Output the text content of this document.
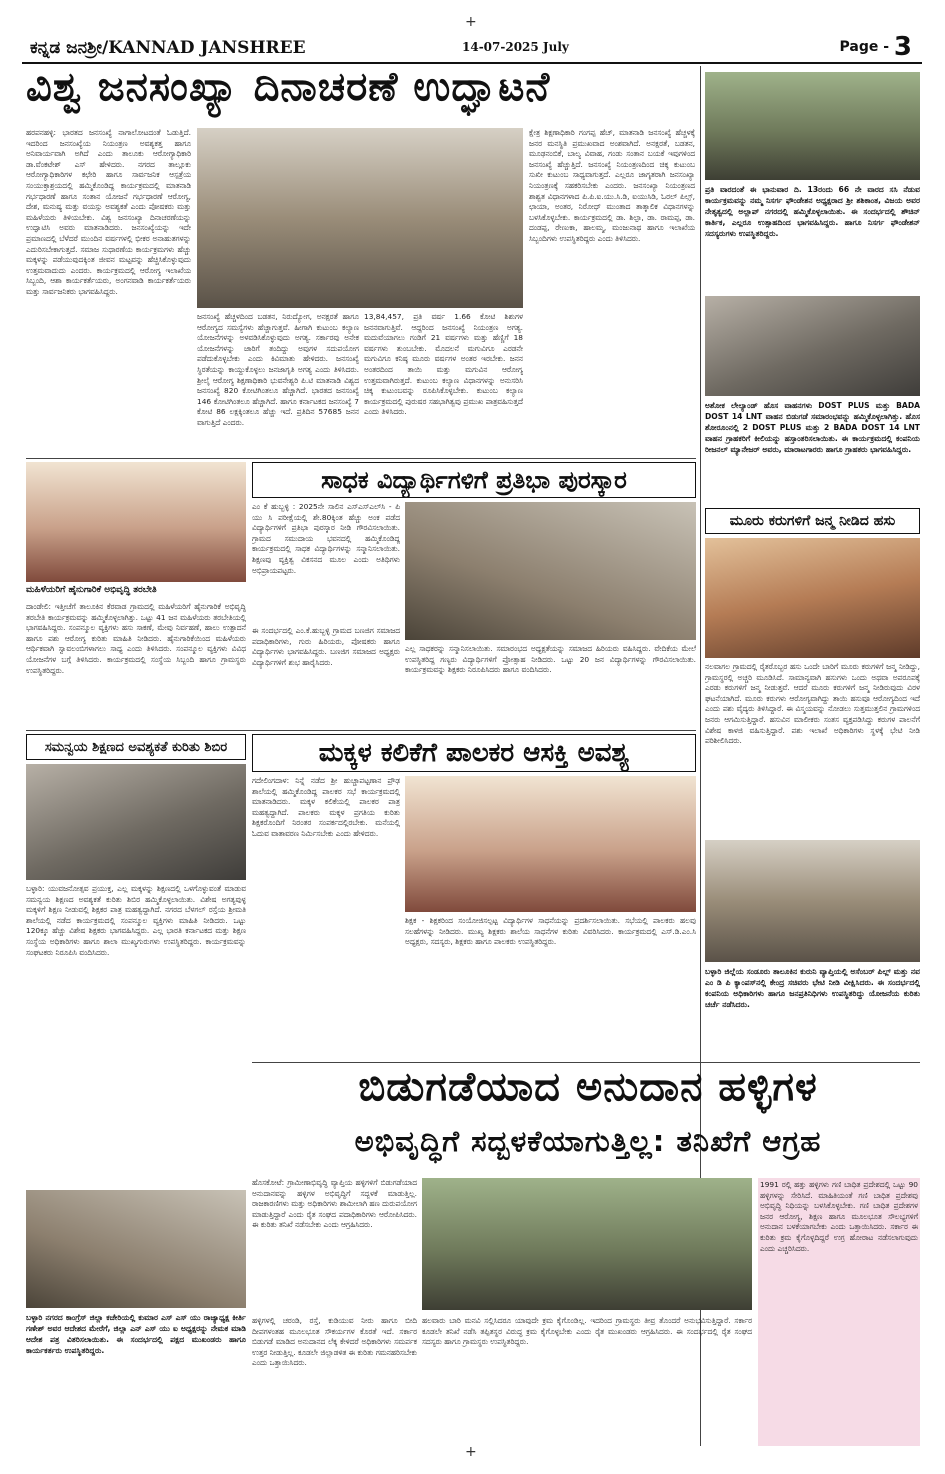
+
+
ಕನ್ನಡ ಜನಶ್ರೀ/KANNAD JANSHREE	14-07-2025 July	Page - 3
ವಿಶ್ವ ಜನಸಂಖ್ಯಾ ದಿನಾಚರಣೆ ಉದ್ಘಾಟನೆ
ಹರಪನಹಳ್ಳಿ: ಭಾರತದ ಜನಸಂಖ್ಯೆ ನಾಗಾಲೋಟದಂತೆ ಓಡುತ್ತಿದೆ. ಇದರಿಂದ ಜನಸಂಖ್ಯೆಯ ನಿಯಂತ್ರಣ ಅವಶ್ಯಕತ್ತ ಹಾಗೂ ಅನಿವಾರ್ಯವಾಗಿ ಅಗಿದೆ ಎಂದು ತಾಲೂಕು ಆರೋಗ್ಯಾಧಿಕಾರಿ ಡಾ.ವೆಂಕಟೇಶ್ ಎಸ್ ಹೇಳಿದರು. ನಗರದ ತಾಲ್ಲೂಕು ಆರೋಗ್ಯಾಧಿಕಾರಿಗಳ ಕಛೇರಿ ಹಾಗೂ ಸಾರ್ವಜನಿಕ ಆಸ್ಪತ್ರೆಯ ಸಂಯುಕ್ತಾಶ್ರಯದಲ್ಲಿ ಹಮ್ಮಿಕೊಂಡಿದ್ದ ಕಾರ್ಯಕ್ರಮದಲ್ಲಿ ಮಾತನಾಡಿ ಗರ್ಭಧಾರಣೆ ಹಾಗೂ ಸಂತಾನ ಯೋಜನೆ ಗರ್ಭಧಾರಣೆ ಆರೋಗ್ಯ, ದೇಶ, ಮನುಷ್ಯ ಮತ್ತು ವಯಸ್ಸು ಅವಶ್ಯಕತೆ ಎಂದು ಪೋಷಕರು ಮತ್ತು ಮಹಿಳೆಯರು ತಿಳಿಯಬೇಕು. ವಿಶ್ವ ಜನಸಂಖ್ಯಾ ದಿನಾಚರಣೆಯನ್ನು ಉದ್ಘಾಟಿಸಿ ಅವರು ಮಾತನಾಡಿದರು. ಜನಸಂಖ್ಯೆಯನ್ನು ಇದೇ ಪ್ರಮಾಣದಲ್ಲಿ ಬೆಳೆದರೆ ಮುಂದಿನ ವರ್ಷಗಳಲ್ಲಿ ಭೀಕರ ಅನಾಹುತಗಳನ್ನು ಎದುರಿಸಬೇಕಾಗುತ್ತದೆ. ಸಮಾಜ ಸುಧಾರಣೆಯ ಕಾರ್ಯಕ್ರಮಗಳು ಹೆಚ್ಚು ಮಕ್ಕಳನ್ನು ಪಡೆಯುವುದಕ್ಕಿಂತ ಜೀವನ ಮಟ್ಟವನ್ನು ಹೆಚ್ಚಿಸಿಕೊಳ್ಳುವುದು ಉತ್ತಮವಾದುದು ಎಂದರು. ಕಾರ್ಯಕ್ರಮದಲ್ಲಿ ಆರೋಗ್ಯ ಇಲಾಖೆಯ ಸಿಬ್ಬಂದಿ, ಆಶಾ ಕಾರ್ಯಕರ್ತೆಯರು, ಅಂಗನವಾಡಿ ಕಾರ್ಯಕರ್ತೆಯರು ಮತ್ತು ಸಾರ್ವಜನಿಕರು ಭಾಗವಹಿಸಿದ್ದರು.
ಜನಸಂಖ್ಯೆ ಹೆಚ್ಚಳದಿಂದ ಬಡತನ, ನಿರುದ್ಯೋಗ, ಅನಕ್ಷರತೆ ಹಾಗೂ ಆರೋಗ್ಯದ ಸಮಸ್ಯೆಗಳು ಹೆಚ್ಚಾಗುತ್ತವೆ. ಹೀಗಾಗಿ ಕುಟುಂಬ ಕಲ್ಯಾಣ ಯೋಜನೆಗಳನ್ನು ಅಳವಡಿಸಿಕೊಳ್ಳುವುದು ಅಗತ್ಯ. ಸರ್ಕಾರವು ಅನೇಕ ಯೋಜನೆಗಳನ್ನು ಜಾರಿಗೆ ತಂದಿದ್ದು ಅವುಗಳ ಸದುಪಯೋಗ ಪಡೆದುಕೊಳ್ಳಬೇಕು ಎಂದು ಕಿವಿಮಾತು ಹೇಳಿದರು. ಜನಸಂಖ್ಯೆ ಸ್ಥಿರತೆಯನ್ನು ಕಾಯ್ದುಕೊಳ್ಳಲು ಜನಜಾಗೃತಿ ಅಗತ್ಯ ಎಂದು ತಿಳಿಸಿದರು. ಶ್ರೀಲೈ ಆರೋಗ್ಯ ಶಿಕ್ಷಣಾಧಿಕಾರಿ ಭುವನೇಶ್ವರಿ ಪಿ.ಟಿ ಮಾತನಾಡಿ ವಿಶ್ವದ ಜನಸಂಖ್ಯೆ 820 ಕೋಟಿಗಿಂತಲೂ ಹೆಚ್ಚಾಗಿದೆ. ಭಾರತದ ಜನಸಂಖ್ಯೆ 146 ಕೋಟಿಗಿಂತಲೂ ಹೆಚ್ಚಾಗಿದೆ. ಹಾಗೂ ಕರ್ನಾಟಕದ ಜನಸಂಖ್ಯೆ 7 ಕೋಟಿ 86 ಲಕ್ಷಕ್ಕಿಂತಲೂ ಹೆಚ್ಚು ಇದೆ. ಪ್ರತಿದಿನ 57685 ಜನನ ವಾಗುತ್ತಿದೆ ಎಂದರು.
13,84,457, ಪ್ರತಿ ವರ್ಷ 1.66 ಕೋಟಿ ಶಿಶುಗಳ ಜನನವಾಗುತ್ತಿವೆ. ಆದ್ದರಿಂದ ಜನಸಂಖ್ಯೆ ನಿಯಂತ್ರಣ ಅಗತ್ಯ. ಮದುವೆಯಾಗಲು ಗಂಡಿಗೆ 21 ವರ್ಷಗಳು ಮತ್ತು ಹೆಣ್ಣಿಗೆ 18 ವರ್ಷಗಳು ತುಂಬಬೇಕು. ಮೊದಲನೆ ಮಗುವಿಗೂ ಎರಡನೇ ಮಗುವಿಗೂ ಕನಿಷ್ಠ ಮೂರು ವರ್ಷಗಳ ಅಂತರ ಇರಬೇಕು. ಜನನ ಅಂತರದಿಂದ ತಾಯಿ ಮತ್ತು ಮಗುವಿನ ಆರೋಗ್ಯ ಉತ್ತಮವಾಗಿರುತ್ತದೆ. ಕುಟುಂಬ ಕಲ್ಯಾಣ ವಿಧಾನಗಳನ್ನು ಅನುಸರಿಸಿ ಚಿಕ್ಕ ಕುಟುಂಬವನ್ನು ರೂಪಿಸಿಕೊಳ್ಳಬೇಕು. ಕುಟುಂಬ ಕಲ್ಯಾಣ ಕಾರ್ಯಕ್ರಮದಲ್ಲಿ ಪುರುಷರ ಸಹಭಾಗಿತ್ವವು ಪ್ರಮುಖ ಪಾತ್ರವಹಿಸುತ್ತದೆ ಎಂದು ತಿಳಿಸಿದರು.
ಕ್ಷೇತ್ರ ಶಿಕ್ಷಣಾಧಿಕಾರಿ ಗಂಗಪ್ಪ ಹೆಚ್, ಮಾತನಾಡಿ ಜನಸಂಖ್ಯೆ ಹೆಚ್ಚಳಕ್ಕೆ ಜನರ ಮನಸ್ಥಿತಿ ಪ್ರಮುಖವಾದ ಅಂಶವಾಗಿದೆ. ಅನಕ್ಷರತೆ, ಬಡತನ, ಮೂಢನಂಬಿಕೆ, ಬಾಲ್ಯ ವಿವಾಹ, ಗಂಡು ಸಂತಾನ ಬಯಕೆ ಇವುಗಳಿಂದ ಜನಸಂಖ್ಯೆ ಹೆಚ್ಚುತ್ತಿದೆ. ಜನಸಂಖ್ಯೆ ನಿಯಂತ್ರಣದಿಂದ ಚಿಕ್ಕ ಕುಟುಂಬ ಸುಖೀ ಕುಟುಂಬ ಸಾಧ್ಯವಾಗುತ್ತದೆ. ಎಲ್ಲರೂ ಜಾಗೃತರಾಗಿ ಜನಸಂಖ್ಯಾ ನಿಯಂತ್ರಣಕ್ಕೆ ಸಹಕರಿಸಬೇಕು ಎಂದರು. ಜನಸಂಖ್ಯಾ ನಿಯಂತ್ರಣದ ಶಾಶ್ವತ ವಿಧಾನಗಳಾದ ಪಿ.ಪಿ.ಐ.ಯು.ಸಿ.ಡಿ, ಐಯುಸಿಡಿ, ಓರಲ್ ಪಿಲ್ಸ್, ಛಾಯಾ, ಅಂತರ, ನಿರೋಧ್ ಮುಂತಾದ ತಾತ್ಕಾಲಿಕ ವಿಧಾನಗಳನ್ನು ಬಳಸಿಕೊಳ್ಳಬೇಕು. ಕಾರ್ಯಕ್ರಮದಲ್ಲಿ ಡಾ. ಶಿಲ್ಪಾ, ಡಾ. ರಾಮಪ್ಪ, ಡಾ. ದಂಡಪ್ಪ, ರೇಣುಕಾ, ಹಾಲಮ್ಮ, ಮಂಜುನಾಥ ಹಾಗೂ ಇಲಾಖೆಯ ಸಿಬ್ಬಂದಿಗಳು ಉಪಸ್ಥಿತರಿದ್ದರು ಎಂದು ತಿಳಿಸಿದರು.
ಪ್ರತಿ ವಾರದಂತೆ ಈ ಭಾನುವಾರ ದಿ. 13ರಂದು 66 ನೇ ವಾರದ ಸಸಿ ನೆಡುವ ಕಾರ್ಯಕ್ರಮವನ್ನು ನಮ್ಮ ನಿಸರ್ಗ ಫೌಂಡೇಶನ ಅಧ್ಯಕ್ಷರಾದ ಶ್ರೀ ಶಶಿಕಾಂತ, ವಿಜಯ ಅವರ ನೇತೃತ್ವದಲ್ಲಿ ಅಲ್ಲಾಪ್ ನಗರದಲ್ಲಿ ಹಮ್ಮಿಕೊಳ್ಳಲಾಯಿತು. ಈ ಸಂದರ್ಭದಲ್ಲಿ ಶೌಚಿನ್ ಕಾರ್ತಿಕ, ಎಲ್ಲರೂ ಉತ್ಸಾಹದಿಂದ ಭಾಗವಹಿಸಿದ್ದರು. ಹಾಗೂ ನಿಸರ್ಗ ಫೌಂಡೇಶನ್ ಸದಸ್ಯರುಗಳು ಉಪಸ್ಥಿತರಿದ್ದರು.
ಅಶೋಕ ಲೇಲ್ಯಾಂಡ್ ಹೊಸ ವಾಹನಗಳು DOST PLUS ಮತ್ತು BADA DOST 14 LNT ವಾಹನ ಬಿಡುಗಡೆ ಸಮಾರಂಭವನ್ನು ಹಮ್ಮಿಕೊಳ್ಳಲಾಗಿತ್ತು. ಹೊಸ ಶೋರೂಂನಲ್ಲಿ 2 DOST PLUS ಮತ್ತು 2 BADA DOST 14 LNT ವಾಹನ ಗ್ರಾಹಕರಿಗೆ ಕೀಲಿಯನ್ನು ಹಸ್ತಾಂತರಿಸಲಾಯಿತು. ಈ ಕಾರ್ಯಕ್ರಮದಲ್ಲಿ ಕಂಪನಿಯ ರೀಜನಲ್ ಮ್ಯಾನೇಜರ್ ಅವರು, ಮಾರಾಟಗಾರರು ಹಾಗೂ ಗ್ರಾಹಕರು ಭಾಗವಹಿಸಿದ್ದರು.
ಮಹಿಳೆಯರಿಗೆ ಹೈನುಗಾರಿಕೆ ಅಭಿವೃದ್ಧಿ ತರಬೇತಿ
ದಾಂಡೇಲಿ: ಇತ್ತೀಚೆಗೆ ತಾಲೂಕಿನ ಕೆರವಾಡ ಗ್ರಾಮದಲ್ಲಿ ಮಹಿಳೆಯರಿಗೆ ಹೈನುಗಾರಿಕೆ ಅಭಿವೃದ್ಧಿ ತರಬೇತಿ ಕಾರ್ಯಕ್ರಮವನ್ನು ಹಮ್ಮಿಕೊಳ್ಳಲಾಗಿತ್ತು. ಒಟ್ಟು 41 ಜನ ಮಹಿಳೆಯರು ತರಬೇತಿಯಲ್ಲಿ ಭಾಗವಹಿಸಿದ್ದರು. ಸಂಪನ್ಮೂಲ ವ್ಯಕ್ತಿಗಳು ಹಸು ಸಾಕಣೆ, ಮೇವು ನಿರ್ವಹಣೆ, ಹಾಲು ಉತ್ಪಾದನೆ ಹಾಗೂ ಪಶು ಆರೋಗ್ಯ ಕುರಿತು ಮಾಹಿತಿ ನೀಡಿದರು. ಹೈನುಗಾರಿಕೆಯಿಂದ ಮಹಿಳೆಯರು ಆರ್ಥಿಕವಾಗಿ ಸ್ವಾವಲಂಬಿಗಳಾಗಲು ಸಾಧ್ಯ ಎಂದು ತಿಳಿಸಿದರು. ಸಂಪನ್ಮೂಲ ವ್ಯಕ್ತಿಗಳು ವಿವಿಧ ಯೋಜನೆಗಳ ಬಗ್ಗೆ ತಿಳಿಸಿದರು. ಕಾರ್ಯಕ್ರಮದಲ್ಲಿ ಸಂಸ್ಥೆಯ ಸಿಬ್ಬಂದಿ ಹಾಗೂ ಗ್ರಾಮಸ್ಥರು ಉಪಸ್ಥಿತರಿದ್ದರು.
ಸಾಧಕ ವಿದ್ಯಾರ್ಥಿಗಳಿಗೆ ಪ್ರತಿಭಾ ಪುರಸ್ಕಾರ
ಎಂ ಕೆ ಹುಬ್ಬಳ್ಳಿ : 2025ನೇ ಸಾಲಿನ ಎಸ್‌ಎಸ್‌ಎಲ್‌ಸಿ - ಪಿ ಯು ಸಿ ಪರೀಕ್ಷೆಯಲ್ಲಿ ಶೇ.80ಕ್ಕಿಂತ ಹೆಚ್ಚು ಅಂಕ ಪಡೆದ ವಿದ್ಯಾರ್ಥಿಗಳಿಗೆ ಪ್ರತಿಭಾ ಪುರಸ್ಕಾರ ನೀಡಿ ಗೌರವಿಸಲಾಯಿತು. ಗ್ರಾಮದ ಸಮುದಾಯ ಭವನದಲ್ಲಿ ಹಮ್ಮಿಕೊಂಡಿದ್ದ ಕಾರ್ಯಕ್ರಮದಲ್ಲಿ ಸಾಧಕ ವಿದ್ಯಾರ್ಥಿಗಳನ್ನು ಸನ್ಮಾನಿಸಲಾಯಿತು. ಶಿಕ್ಷಣವು ವ್ಯಕ್ತಿತ್ವ ವಿಕಸನದ ಮೂಲ ಎಂದು ಅತಿಥಿಗಳು ಅಭಿಪ್ರಾಯಪಟ್ಟರು.
ಈ ಸಂದರ್ಭದಲ್ಲಿ ಎಂ.ಕೆ.ಹುಬ್ಬಳ್ಳಿ ಗ್ರಾಮದ ಬಣಜಿಗ ಸಮಾಜದ ಪದಾಧಿಕಾರಿಗಳು, ಗುರು ಹಿರಿಯರು, ಪೋಷಕರು ಹಾಗೂ ವಿದ್ಯಾರ್ಥಿಗಳು ಭಾಗವಹಿಸಿದ್ದರು. ಬಣಜಿಗ ಸಮಾಜದ ಅಧ್ಯಕ್ಷರು ವಿದ್ಯಾರ್ಥಿಗಳಿಗೆ ಶುಭ ಹಾರೈಸಿದರು.
ಎಲ್ಲ ಸಾಧಕರನ್ನು ಸನ್ಮಾನಿಸಲಾಯಿತು. ಸಮಾರಂಭದ ಅಧ್ಯಕ್ಷತೆಯನ್ನು ಸಮಾಜದ ಹಿರಿಯರು ವಹಿಸಿದ್ದರು. ವೇದಿಕೆಯ ಮೇಲೆ ಉಪಸ್ಥಿತರಿದ್ದ ಗಣ್ಯರು ವಿದ್ಯಾರ್ಥಿಗಳಿಗೆ ಪ್ರೋತ್ಸಾಹ ನೀಡಿದರು. ಒಟ್ಟು 20 ಜನ ವಿದ್ಯಾರ್ಥಿಗಳನ್ನು ಗೌರವಿಸಲಾಯಿತು. ಕಾರ್ಯಕ್ರಮವನ್ನು ಶಿಕ್ಷಕರು ನಿರೂಪಿಸಿದರು ಹಾಗೂ ವಂದಿಸಿದರು.
ಮೂರು ಕರುಗಳಿಗೆ ಜನ್ಮ ನೀಡಿದ ಹಸು
ನಲವಾಗಲ ಗ್ರಾಮದಲ್ಲಿ ರೈತರೊಬ್ಬರ ಹಸು ಒಂದೇ ಬಾರಿಗೆ ಮೂರು ಕರುಗಳಿಗೆ ಜನ್ಮ ನೀಡಿದ್ದು, ಗ್ರಾಮಸ್ಥರಲ್ಲಿ ಅಚ್ಚರಿ ಮೂಡಿಸಿದೆ. ಸಾಮಾನ್ಯವಾಗಿ ಹಸುಗಳು ಒಂದು ಅಥವಾ ಅಪರೂಪಕ್ಕೆ ಎರಡು ಕರುಗಳಿಗೆ ಜನ್ಮ ನೀಡುತ್ತವೆ. ಆದರೆ ಮೂರು ಕರುಗಳಿಗೆ ಜನ್ಮ ನೀಡಿರುವುದು ವಿರಳ ಘಟನೆಯಾಗಿದೆ. ಮೂರು ಕರುಗಳು ಆರೋಗ್ಯವಾಗಿದ್ದು ತಾಯಿ ಹಸುವೂ ಆರೋಗ್ಯದಿಂದ ಇದೆ ಎಂದು ಪಶು ವೈದ್ಯರು ತಿಳಿಸಿದ್ದಾರೆ. ಈ ವಿಸ್ಮಯವನ್ನು ನೋಡಲು ಸುತ್ತಮುತ್ತಲಿನ ಗ್ರಾಮಗಳಿಂದ ಜನರು ಆಗಮಿಸುತ್ತಿದ್ದಾರೆ. ಹಸುವಿನ ಮಾಲೀಕರು ಸಂತಸ ವ್ಯಕ್ತಪಡಿಸಿದ್ದು ಕರುಗಳ ಪಾಲನೆಗೆ ವಿಶೇಷ ಕಾಳಜಿ ವಹಿಸುತ್ತಿದ್ದಾರೆ. ಪಶು ಇಲಾಖೆ ಅಧಿಕಾರಿಗಳು ಸ್ಥಳಕ್ಕೆ ಭೇಟಿ ನೀಡಿ ಪರಿಶೀಲಿಸಿದರು.
ಸಮನ್ವಯ ಶಿಕ್ಷಣದ ಅವಶ್ಯಕತೆ ಕುರಿತು ಶಿಬಿರ
ಬಳ್ಳಾರಿ: ಯುವಜನೋತ್ಸವ ಪ್ರಯುಕ್ತ, ಎಲ್ಲ ಮಕ್ಕಳನ್ನು ಶಿಕ್ಷಣದಲ್ಲಿ ಒಳಗೊಳ್ಳುವಂತೆ ಮಾಡುವ ಸಮನ್ವಯ ಶಿಕ್ಷಣದ ಅವಶ್ಯಕತೆ ಕುರಿತು ಶಿಬಿರ ಹಮ್ಮಿಕೊಳ್ಳಲಾಯಿತು. ವಿಶೇಷ ಅಗತ್ಯವುಳ್ಳ ಮಕ್ಕಳಿಗೆ ಶಿಕ್ಷಣ ನೀಡುವಲ್ಲಿ ಶಿಕ್ಷಕರ ಪಾತ್ರ ಮಹತ್ವದ್ದಾಗಿದೆ. ನಗರದ ಬೆಳಗಲ್ ರಸ್ತೆಯ ಶ್ರೀಮತಿ ಶಾಲೆಯಲ್ಲಿ ನಡೆದ ಕಾರ್ಯಕ್ರಮದಲ್ಲಿ ಸಂಪನ್ಮೂಲ ವ್ಯಕ್ತಿಗಳು ಮಾಹಿತಿ ನೀಡಿದರು. ಒಟ್ಟು 120ಕ್ಕೂ ಹೆಚ್ಚು ವಿಶೇಷ ಶಿಕ್ಷಕರು ಭಾಗವಹಿಸಿದ್ದರು. ಎಲ್ಲ ಭಾರತಿ ಕರ್ನಾಟಕದ ಮತ್ತು ಶಿಕ್ಷಣ ಸಂಸ್ಥೆಯ ಅಧಿಕಾರಿಗಳು ಹಾಗೂ ಶಾಲಾ ಮುಖ್ಯಗುರುಗಳು ಉಪಸ್ಥಿತರಿದ್ದರು. ಕಾರ್ಯಕ್ರಮವನ್ನು ಸಂಘಟಕರು ನಿರೂಪಿಸಿ ವಂದಿಸಿದರು.
ಮಕ್ಕಳ ಕಲಿಕೆಗೆ ಪಾಲಕರ ಆಸಕ್ತಿ ಅವಶ್ಯ
ಗದೇಲಿಂಗದಾಳ: ನಿನ್ನೆ ನಡೆದ ಶ್ರೀ ಹುಚ್ಚಾಪಟ್ಟಣಾನ ಪ್ರೌಢ ಶಾಲೆಯಲ್ಲಿ ಹಮ್ಮಿಕೊಂಡಿದ್ದ ಪಾಲಕರ ಸಭೆ ಕಾರ್ಯಕ್ರಮದಲ್ಲಿ ಮಾತನಾಡಿದರು. ಮಕ್ಕಳ ಕಲಿಕೆಯಲ್ಲಿ ಪಾಲಕರ ಪಾತ್ರ ಮಹತ್ವದ್ದಾಗಿದೆ. ಪಾಲಕರು ಮಕ್ಕಳ ಪ್ರಗತಿಯ ಕುರಿತು ಶಿಕ್ಷಕರೊಂದಿಗೆ ನಿರಂತರ ಸಂಪರ್ಕದಲ್ಲಿರಬೇಕು. ಮನೆಯಲ್ಲಿ ಓದುವ ವಾತಾವರಣ ನಿರ್ಮಿಸಬೇಕು ಎಂದು ಹೇಳಿದರು.
ಶಿಕ್ಷಕ - ಶಿಕ್ಷಕರಿಂದ ಸಂಯೋಜಿಸಲ್ಪಟ್ಟ ವಿದ್ಯಾರ್ಥಿಗಳ ಸಾಧನೆಯನ್ನು ಪ್ರದರ್ಶಿಸಲಾಯಿತು. ಸಭೆಯಲ್ಲಿ ಪಾಲಕರು ಹಲವು ಸಲಹೆಗಳನ್ನು ನೀಡಿದರು. ಮುಖ್ಯ ಶಿಕ್ಷಕರು ಶಾಲೆಯ ಸಾಧನೆಗಳ ಕುರಿತು ವಿವರಿಸಿದರು. ಕಾರ್ಯಕ್ರಮದಲ್ಲಿ ಎಸ್.ಡಿ.ಎಂ.ಸಿ ಅಧ್ಯಕ್ಷರು, ಸದಸ್ಯರು, ಶಿಕ್ಷಕರು ಹಾಗೂ ಪಾಲಕರು ಉಪಸ್ಥಿತರಿದ್ದರು.
ಬಳ್ಳಾರಿ ಜಿಲ್ಲೆಯ ಸಂಡೂರು ತಾಲೂಕಿನ ಕುರುನಿ ವ್ಯಾಪ್ತಿಯಲ್ಲಿ ಅಸೆಂಬರ್ ಪಿಲ್ಲ್ ಮತ್ತು ನವ ಎಂ ಡಿ ಪಿ ಕ್ಯಾಂಪಸ್‌ನಲ್ಲಿ ಕೇಂದ್ರ ಸಚಿವರು ಭೇಟಿ ನೀಡಿ ವೀಕ್ಷಿಸಿದರು. ಈ ಸಂದರ್ಭದಲ್ಲಿ ಕಂಪನಿಯ ಅಧಿಕಾರಿಗಳು ಹಾಗೂ ಜನಪ್ರತಿನಿಧಿಗಳು ಉಪಸ್ಥಿತರಿದ್ದು ಯೋಜನೆಯ ಕುರಿತು ಚರ್ಚೆ ನಡೆಸಿದರು.
ಬಿಡುಗಡೆಯಾದ ಅನುದಾನ ಹಳ್ಳಿಗಳ
ಅಭಿವೃದ್ಧಿಗೆ ಸದ್ಬಳಕೆಯಾಗುತ್ತಿಲ್ಲ: ತನಿಖೆಗೆ ಆಗ್ರಹ
ಹೊಸಕೋಟೆ: ಗ್ರಾಮೀಣಾಭಿವೃದ್ಧಿ ವ್ಯಾಪ್ತಿಯ ಹಳ್ಳಿಗಳಿಗೆ ಬಿಡುಗಡೆಯಾದ ಅನುದಾನವನ್ನು ಹಳ್ಳಿಗಳ ಅಭಿವೃದ್ಧಿಗೆ ಸದ್ಬಳಕೆ ಮಾಡುತ್ತಿಲ್ಲ. ರಾಜಕಾರಣಿಗಳು ಮತ್ತು ಅಧಿಕಾರಿಗಳು ಶಾಮೀಲಾಗಿ ಹಣ ದುರುಪಯೋಗ ಮಾಡುತ್ತಿದ್ದಾರೆ ಎಂದು ರೈತ ಸಂಘದ ಪದಾಧಿಕಾರಿಗಳು ಆರೋಪಿಸಿದರು. ಈ ಕುರಿತು ತನಿಖೆ ನಡೆಸಬೇಕು ಎಂದು ಆಗ್ರಹಿಸಿದರು.
ಹಳ್ಳಿಗಳಲ್ಲಿ ಚರಂಡಿ, ರಸ್ತೆ, ಕುಡಿಯುವ ನೀರು ಹಾಗೂ ಬೀದಿ ದೀಪಗಳಂತಹ ಮೂಲಭೂತ ಸೌಕರ್ಯಗಳ ಕೊರತೆ ಇದೆ. ಸರ್ಕಾರ ಬಿಡುಗಡೆ ಮಾಡಿದ ಅನುದಾನದ ಲೆಕ್ಕ ಕೇಳಿದರೆ ಅಧಿಕಾರಿಗಳು ಸಮರ್ಪಕ ಉತ್ತರ ನೀಡುತ್ತಿಲ್ಲ. ಕೂಡಲೇ ಜಿಲ್ಲಾಡಳಿತ ಈ ಕುರಿತು ಗಮನಹರಿಸಬೇಕು ಎಂದು ಒತ್ತಾಯಿಸಿದರು.
ಹಲವಾರು ಬಾರಿ ಮನವಿ ಸಲ್ಲಿಸಿದರೂ ಯಾವುದೇ ಕ್ರಮ ಕೈಗೊಂಡಿಲ್ಲ. ಇದರಿಂದ ಗ್ರಾಮಸ್ಥರು ತೀವ್ರ ತೊಂದರೆ ಅನುಭವಿಸುತ್ತಿದ್ದಾರೆ. ಸರ್ಕಾರ ಕೂಡಲೇ ತನಿಖೆ ನಡೆಸಿ ತಪ್ಪಿತಸ್ಥರ ವಿರುದ್ಧ ಕ್ರಮ ಕೈಗೊಳ್ಳಬೇಕು ಎಂದು ರೈತ ಮುಖಂಡರು ಆಗ್ರಹಿಸಿದರು. ಈ ಸಂದರ್ಭದಲ್ಲಿ ರೈತ ಸಂಘದ ಸದಸ್ಯರು ಹಾಗೂ ಗ್ರಾಮಸ್ಥರು ಉಪಸ್ಥಿತರಿದ್ದರು.
1991 ರಲ್ಲಿ ಹತ್ತು ಹಳ್ಳಿಗಳು ಗಣಿ ಬಾಧಿತ ಪ್ರದೇಶದಲ್ಲಿ ಒಟ್ಟು 90 ಹಳ್ಳಿಗಳನ್ನು ಸೇರಿಸಿದೆ. ಮಾಹಿತಿಯಂತೆ ಗಣಿ ಬಾಧಿತ ಪ್ರದೇಶವು ಅಭಿವೃದ್ಧಿ ನಿಧಿಯನ್ನು ಬಳಸಿಕೊಳ್ಳಬೇಕು. ಗಣಿ ಬಾಧಿತ ಪ್ರದೇಶಗಳ ಜನರ ಆರೋಗ್ಯ, ಶಿಕ್ಷಣ ಹಾಗೂ ಮೂಲಭೂತ ಸೌಲಭ್ಯಗಳಿಗೆ ಅನುದಾನ ಬಳಕೆಯಾಗಬೇಕು ಎಂದು ಒತ್ತಾಯಿಸಿದರು. ಸರ್ಕಾರ ಈ ಕುರಿತು ಕ್ರಮ ಕೈಗೊಳ್ಳದಿದ್ದರೆ ಉಗ್ರ ಹೋರಾಟ ನಡೆಸಲಾಗುವುದು ಎಂದು ಎಚ್ಚರಿಸಿದರು.
ಬಳ್ಳಾರಿ ನಗರದ ಕಾಂಗ್ರೆಸ್ ಜಿಲ್ಲಾ ಕಚೇರಿಯಲ್ಲಿ ಕುಮಾರ ಎಸ್ ಎಸ್ ಯು ರಾಜ್ಯಾಧ್ಯಕ್ಷ ಕೀರ್ತಿ ಗಣೇಶ್ ಅವರ ಆದೇಶದ ಮೇರೆಗೆ, ಜಿಲ್ಲಾ ಎನ್ ಎಸ್ ಯು ಐ ಅಧ್ಯಕ್ಷರನ್ನು ನೇಮಕ ಮಾಡಿ ಆದೇಶ ಪತ್ರ ವಿತರಿಸಲಾಯಿತು. ಈ ಸಂದರ್ಭದಲ್ಲಿ ಪಕ್ಷದ ಮುಖಂಡರು ಹಾಗೂ ಕಾರ್ಯಕರ್ತರು ಉಪಸ್ಥಿತರಿದ್ದರು.
